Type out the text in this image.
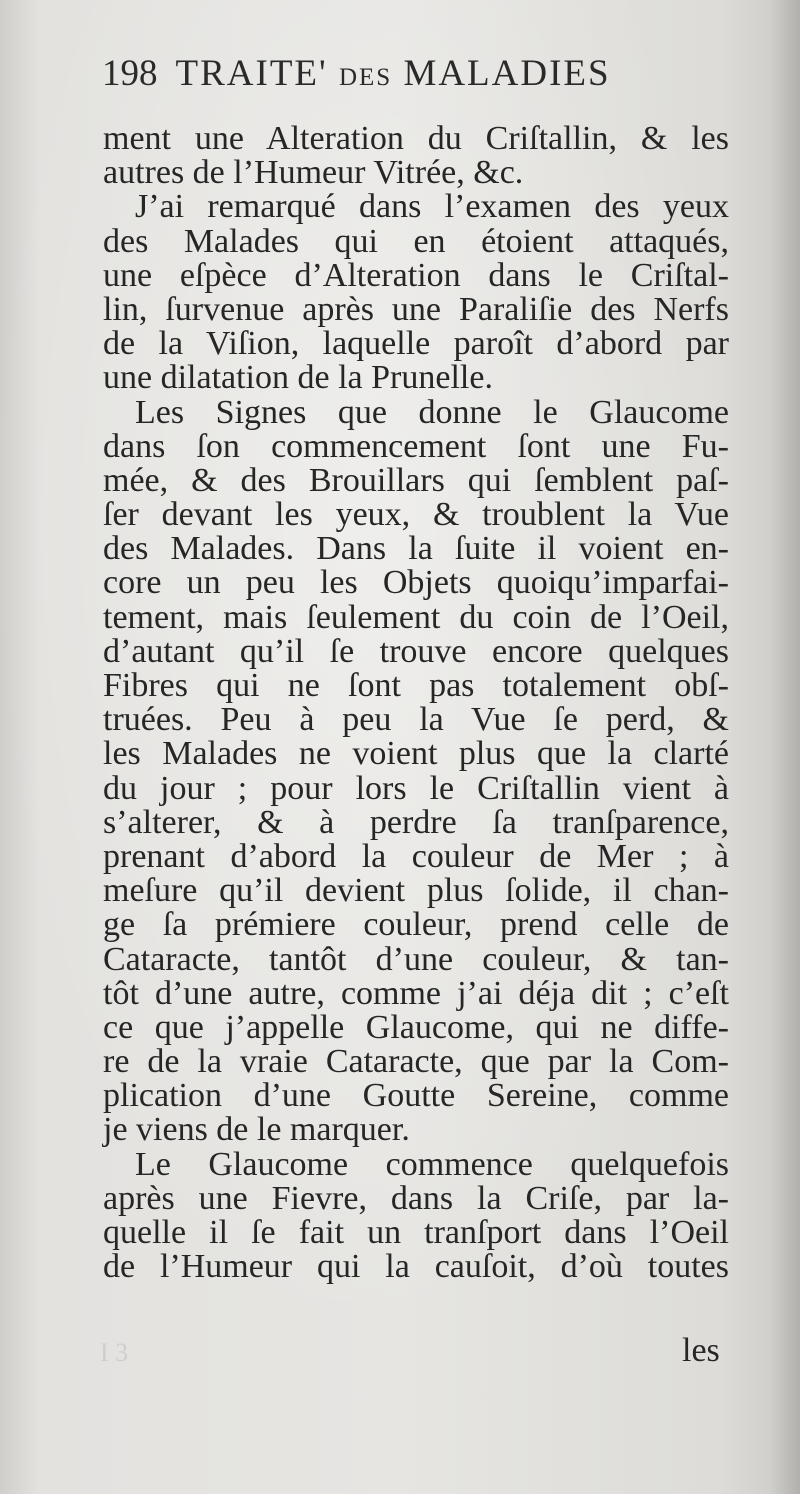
198 TRAITE' DES MALADIES
ment une Alteration du Criſtallin, & les
autres de l’Humeur Vitrée, &c.
J’ai remarqué dans l’examen des yeux
des Malades qui en étoient attaqués,
une eſpèce d’Alteration dans le Criſtal-
lin, ſurvenue après une Paraliſie des Nerfs
de la Viſion, laquelle paroît d’abord par
une dilatation de la Prunelle.
Les Signes que donne le Glaucome
dans ſon commencement ſont une Fu-
mée, & des Brouillars qui ſemblent paſ-
ſer devant les yeux, & troublent la Vue
des Malades. Dans la ſuite il voient en-
core un peu les Objets quoiqu’imparfai-
tement, mais ſeulement du coin de l’Oeil,
d’autant qu’il ſe trouve encore quelques
Fibres qui ne ſont pas totalement obſ-
truées. Peu à peu la Vue ſe perd, &
les Malades ne voient plus que la clarté
du jour ; pour lors le Criſtallin vient à
s’alterer, & à perdre ſa tranſparence,
prenant d’abord la couleur de Mer ; à
meſure qu’il devient plus ſolide, il chan-
ge ſa prémiere couleur, prend celle de
Cataracte, tantôt d’une couleur, & tan-
tôt d’une autre, comme j’ai déja dit ; c’eſt
ce que j’appelle Glaucome, qui ne diffe-
re de la vraie Cataracte, que par la Com-
plication d’une Goutte Sereine, comme
je viens de le marquer.
Le Glaucome commence quelquefois
après une Fievre, dans la Criſe, par la-
quelle il ſe fait un tranſport dans l’Oeil
de l’Humeur qui la cauſoit, d’où toutes
I 3	les
